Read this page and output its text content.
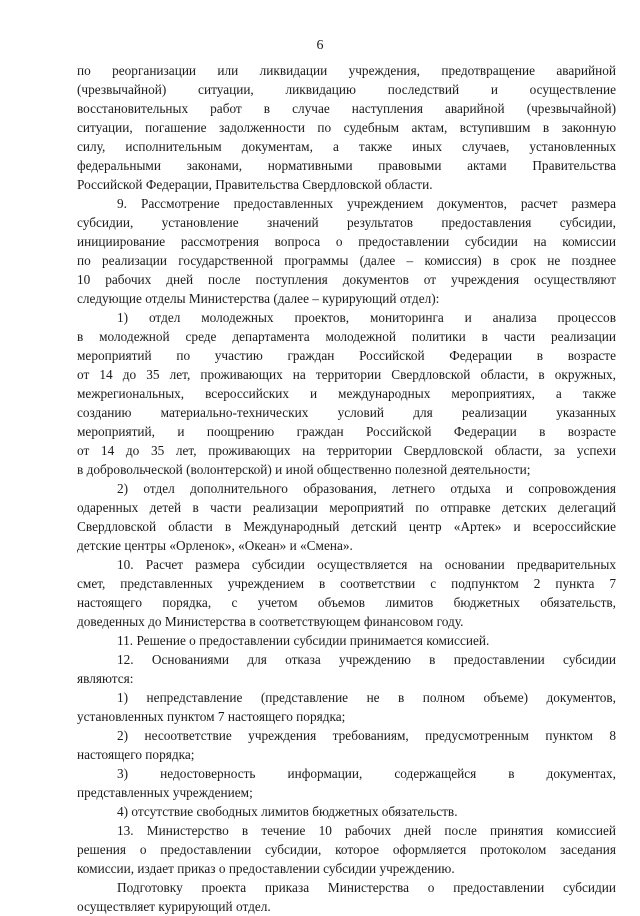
6

по реорганизации или ликвидации учреждения, предотвращение аварийной

(чрезвычайной) ситуации, ликвидацию последствий и осуществление

восстановительных работ в случае наступления аварийной (чрезвычайной)

ситуации, погашение задолженности по судебным актам, вступившим в законную

силу, исполнительным документам, а также иных случаев, установленных

федеральными законами, нормативными правовыми актами Правительства

Российской Федерации, Правительства Свердловской области.

9. Рассмотрение предоставленных учреждением документов, расчет размера

субсидии, установление значений результатов предоставления субсидии,

инициирование рассмотрения вопроса о предоставлении субсидии на комиссии

по реализации государственной программы (далее – комиссия) в срок не позднее

10 рабочих дней после поступления документов от учреждения осуществляют

следующие отделы Министерства (далее – курирующий отдел):

1) отдел молодежных проектов, мониторинга и анализа процессов

в молодежной среде департамента молодежной политики в части реализации

мероприятий по участию граждан Российской Федерации в возрасте

от 14 до 35 лет, проживающих на территории Свердловской области, в окружных,

межрегиональных, всероссийских и международных мероприятиях, а также

созданию материально-технических условий для реализации указанных

мероприятий, и поощрению граждан Российской Федерации в возрасте

от 14 до 35 лет, проживающих на территории Свердловской области, за успехи

в добровольческой (волонтерской) и иной общественно полезной деятельности;

2) отдел дополнительного образования, летнего отдыха и сопровождения

одаренных детей в части реализации мероприятий по отправке детских делегаций

Свердловской области в Международный детский центр «Артек» и всероссийские

детские центры «Орленок», «Океан» и «Смена».

10. Расчет размера субсидии осуществляется на основании предварительных

смет, представленных учреждением в соответствии с подпунктом 2 пункта 7

настоящего порядка, с учетом объемов лимитов бюджетных обязательств,

доведенных до Министерства в соответствующем финансовом году.

11. Решение о предоставлении субсидии принимается комиссией.

12. Основаниями для отказа учреждению в предоставлении субсидии

являются:

1) непредставление (представление не в полном объеме) документов,

установленных пунктом 7 настоящего порядка;

2) несоответствие учреждения требованиям, предусмотренным пунктом 8

настоящего порядка;

3) недостоверность информации, содержащейся в документах,

представленных учреждением;

4) отсутствие свободных лимитов бюджетных обязательств.

13. Министерство в течение 10 рабочих дней после принятия комиссией

решения о предоставлении субсидии, которое оформляется протоколом заседания

комиссии, издает приказ о предоставлении субсидии учреждению.

Подготовку проекта приказа Министерства о предоставлении субсидии

осуществляет курирующий отдел.
